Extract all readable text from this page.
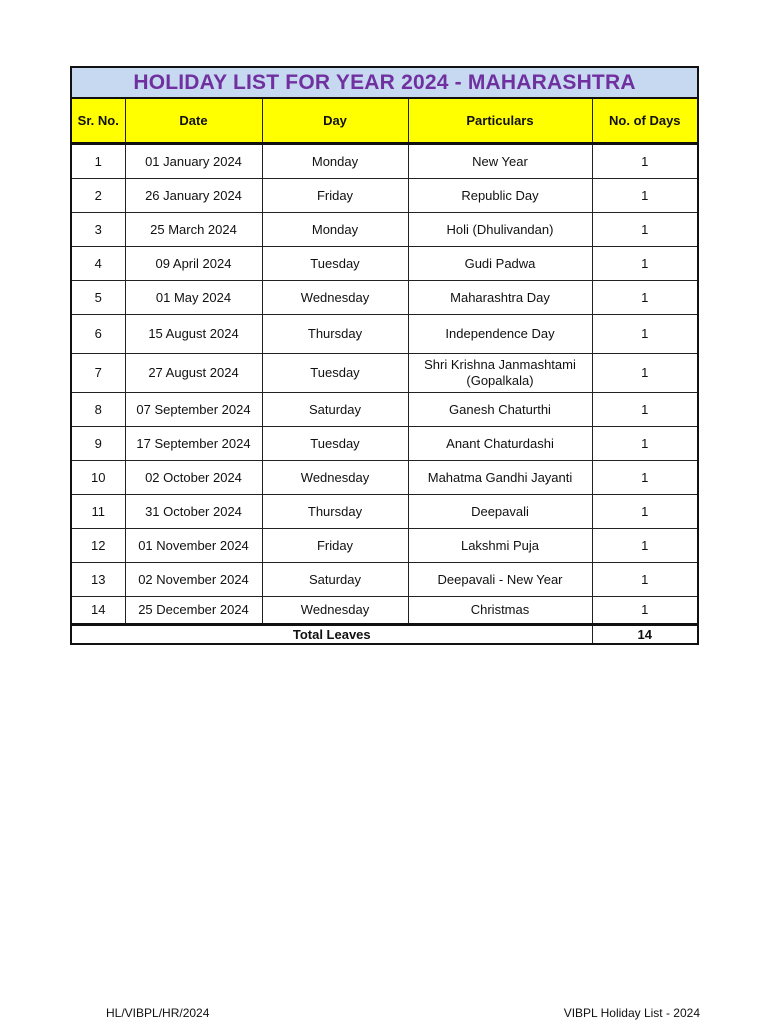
HOLIDAY LIST FOR YEAR 2024 - MAHARASHTRA				
Sr. No.	Date	Day	Particulars	No. of Days
1	01 January 2024	Monday	New Year	1
2	26 January 2024	Friday	Republic Day	1
3	25 March 2024	Monday	Holi (Dhulivandan)	1
4	09 April 2024	Tuesday	Gudi Padwa	1
5	01 May 2024	Wednesday	Maharashtra Day	1
6	15 August 2024	Thursday	Independence Day	1
7	27 August 2024	Tuesday	Shri Krishna Janmashtami (Gopalkala)	1
8	07 September 2024	Saturday	Ganesh Chaturthi	1
9	17 September 2024	Tuesday	Anant Chaturdashi	1
10	02 October 2024	Wednesday	Mahatma Gandhi Jayanti	1
11	31 October 2024	Thursday	Deepavali	1
12	01 November 2024	Friday	Lakshmi Puja	1
13	02 November 2024	Saturday	Deepavali - New Year	1
14	25 December 2024	Wednesday	Christmas	1
Total Leaves				14
HL/VIBPL/HR/2024	VIBPL Holiday List - 2024
